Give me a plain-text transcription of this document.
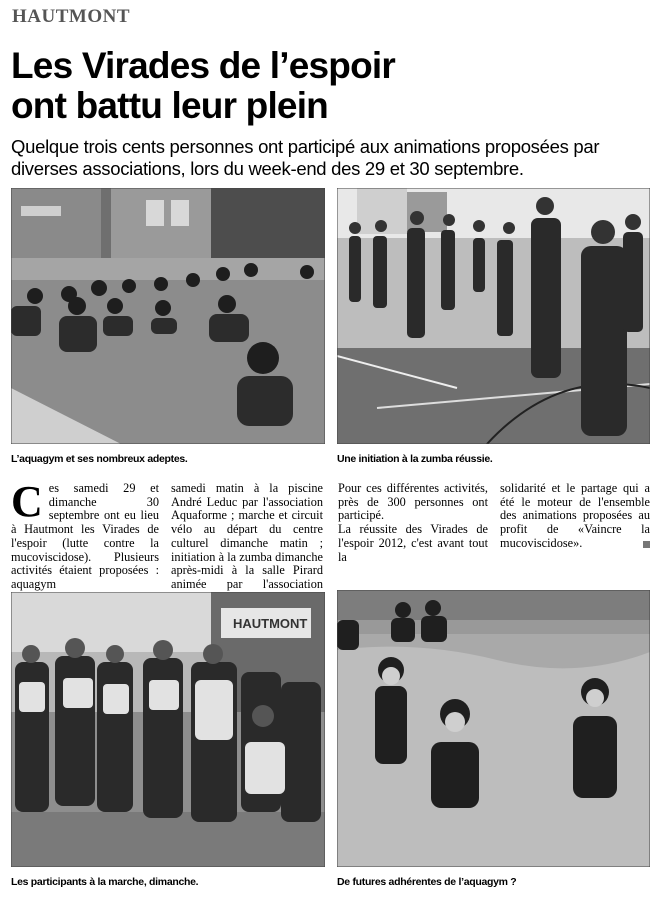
HAUTMONT
Les Virades de l’espoir
ont battu leur plein
Quelque trois cents personnes ont participé aux animations proposées par diverses associations, lors du week-end des 29 et 30 septembre.
L’aquagym et ses nombreux adeptes.	Une initiation à la zumba réussie.
C es samedi 29 et dimanche 30 septembre ont eu lieu à Hautmont les Virades de l'espoir (lutte contre la mucoviscidose). Plusieurs activités étaient proposées : aquagym
samedi matin à la piscine André Leduc par l'association Aquaforme ; marche et circuit vélo au départ du centre culturel dimanche matin ; initiation à la zumba dimanche après-midi à la salle Pirard animée par l'association
Pour ces différentes activités, près de 300 personnes ont participé.
La réussite des Virades de l'espoir 2012, c'est avant tout la
solidarité et le partage qui a été le moteur de l'ensemble des animations proposées au profit de «Vaincre la mucoviscidose».
HAUTMONT
Les participants à la marche, dimanche.	De futures adhérentes de l’aquagym ?
